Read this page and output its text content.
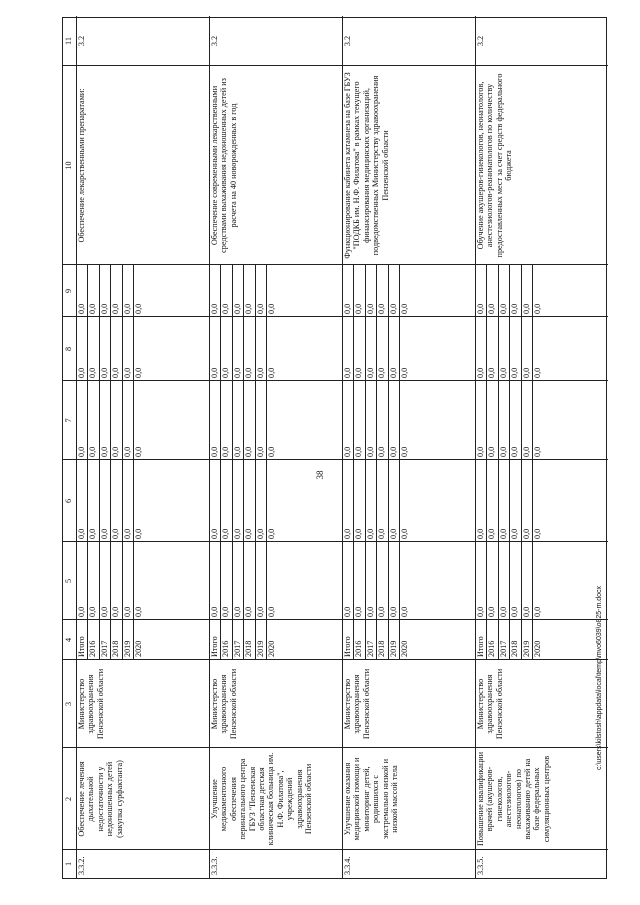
38
c:\users\kilstosh\appdata\local\temp\mvo6039\o825-m.docx
1
2
3
4
5
6
7
8
9
10
11
3.3.2.
Обеспечение лечения дыхательной недостаточности у недоношенных детей (закупка сурфактанта)
Министерство здравоохранения Пензенской области
Обеспечение лекарственными препаратами:
3.2
Итого
0,0
0,0
0,0
0,0
0,0
2016
0,0
0,0
0,0
0,0
0,0
2017
0,0
0,0
0,0
0,0
0,0
2018
0,0
0,0
0,0
0,0
0,0
2019
0,0
0,0
0,0
0,0
0,0
2020
0,0
0,0
0,0
0,0
0,0
3.3.3.
Улучшение медикаментозного обеспечения перинатального центра ГБУЗ "Пензенская областная детская клиническая больница им. Н.Ф. Филатова", учреждений здравоохранения Пензенской области
Министерство здравоохранения Пензенской области
Обеспечение современными лекарственными средствами выхаживания недоношенных детей из расчета на 40 новорожденных в год
3.2
Итого
0,0
0,0
0,0
0,0
0,0
2016
0,0
0,0
0,0
0,0
0,0
2017
0,0
0,0
0,0
0,0
0,0
2018
0,0
0,0
0,0
0,0
0,0
2019
0,0
0,0
0,0
0,0
0,0
2020
0,0
0,0
0,0
0,0
0,0
3.3.4.
Улучшение оказания медицинской помощи и мониторинг детей, родившихся с экстремально низкой и низкой массой тела
Министерство здравоохранения Пензенской области
Функционирование кабинета катамнеза на базе ГБУЗ "ПОДКБ им. Н.Ф. Филатова" в рамках текущего финансирования медицинских организаций, подведомственных Министерству здравоохранения Пензенской области
3.2
Итого
0,0
0,0
0,0
0,0
0,0
2016
0,0
0,0
0,0
0,0
0,0
2017
0,0
0,0
0,0
0,0
0,0
2018
0,0
0,0
0,0
0,0
0,0
2019
0,0
0,0
0,0
0,0
0,0
2020
0,0
0,0
0,0
0,0
0,0
3.3.5.
Повышение квалификации врачей (акушеров-гинекологов, анестезиологов-неонатологов) по выхаживанию детей на базе федеральных симуляционных центров
Министерство здравоохранения Пензенской области
Обучение акушеров-гинекологов, неонатологов, анестезиологов-реаниматологов по количеству предоставленных мест за счет средств федерального бюджета
3.2
Итого
0,0
0,0
0,0
0,0
0,0
2016
0,0
0,0
0,0
0,0
0,0
2017
0,0
0,0
0,0
0,0
0,0
2018
0,0
0,0
0,0
0,0
0,0
2019
0,0
0,0
0,0
0,0
0,0
2020
0,0
0,0
0,0
0,0
0,0
